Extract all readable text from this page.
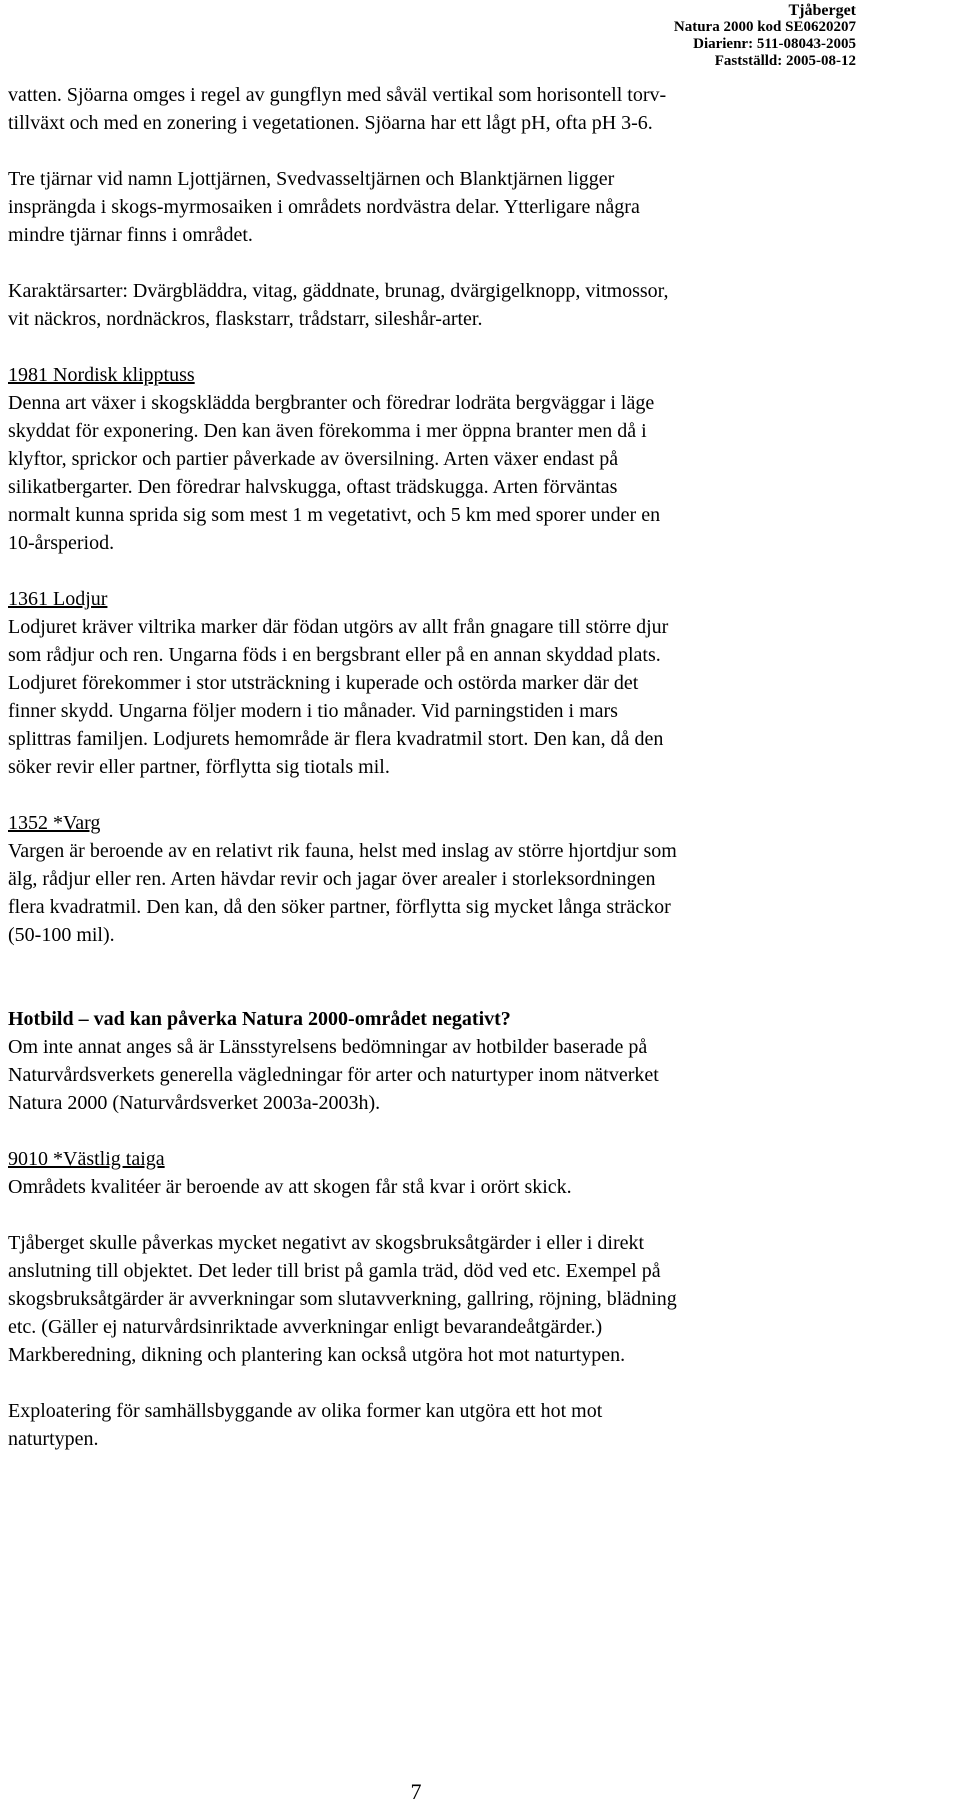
Tjåberget
Natura 2000 kod SE0620207
Diarienr: 511-08043-2005
Fastställd: 2005-08-12

vatten. Sjöarna omges i regel av gungflyn med såväl vertikal som horisontell torv-

tillväxt och med en zonering i vegetationen. Sjöarna har ett lågt pH, ofta pH 3-6.

Tre tjärnar vid namn Ljottjärnen, Svedvasseltjärnen och Blanktjärnen ligger

insprängda i skogs-myrmosaiken i områdets nordvästra delar. Ytterligare några

mindre tjärnar finns i området.

Karaktärsarter: Dvärgbläddra, vitag, gäddnate, brunag, dvärgigelknopp, vitmossor,

vit näckros, nordnäckros, flaskstarr, trådstarr, sileshår-arter.

1981 Nordisk klipptuss

Denna art växer i skogsklädda bergbranter och föredrar lodräta bergväggar i läge

skyddat för exponering. Den kan även förekomma i mer öppna branter men då i

klyftor, sprickor och partier påverkade av översilning. Arten växer endast på

silikatbergarter. Den föredrar halvskugga, oftast trädskugga. Arten förväntas

normalt kunna sprida sig som mest 1 m vegetativt, och 5 km med sporer under en

10-årsperiod.

1361 Lodjur

Lodjuret kräver viltrika marker där födan utgörs av allt från gnagare till större djur

som rådjur och ren. Ungarna föds i en bergsbrant eller på en annan skyddad plats.

Lodjuret förekommer i stor utsträckning i kuperade och ostörda marker där det

finner skydd. Ungarna följer modern i tio månader. Vid parningstiden i mars

splittras familjen. Lodjurets hemområde är flera kvadratmil stort. Den kan, då den

söker revir eller partner, förflytta sig tiotals mil.

1352 *Varg

Vargen är beroende av en relativt rik fauna, helst med inslag av större hjortdjur som

älg, rådjur eller ren. Arten hävdar revir och jagar över arealer i storleksordningen

flera kvadratmil. Den kan, då den söker partner, förflytta sig mycket långa sträckor

(50-100 mil).

Hotbild – vad kan påverka Natura 2000-området negativt?

Om inte annat anges så är Länsstyrelsens bedömningar av hotbilder baserade på

Naturvårdsverkets generella vägledningar för arter och naturtyper inom nätverket

Natura 2000 (Naturvårdsverket 2003a-2003h).

9010 *Västlig taiga

Områdets kvalitéer är beroende av att skogen får stå kvar i orört skick.

Tjåberget skulle påverkas mycket negativt av skogsbruksåtgärder i eller i direkt

anslutning till objektet. Det leder till brist på gamla träd, död ved etc. Exempel på

skogsbruksåtgärder är avverkningar som slutavverkning, gallring, röjning, blädning

etc. (Gäller ej naturvårdsinriktade avverkningar enligt bevarandeåtgärder.)

Markberedning, dikning och plantering kan också utgöra hot mot naturtypen.

Exploatering för samhällsbyggande av olika former kan utgöra ett hot mot

naturtypen.

7
